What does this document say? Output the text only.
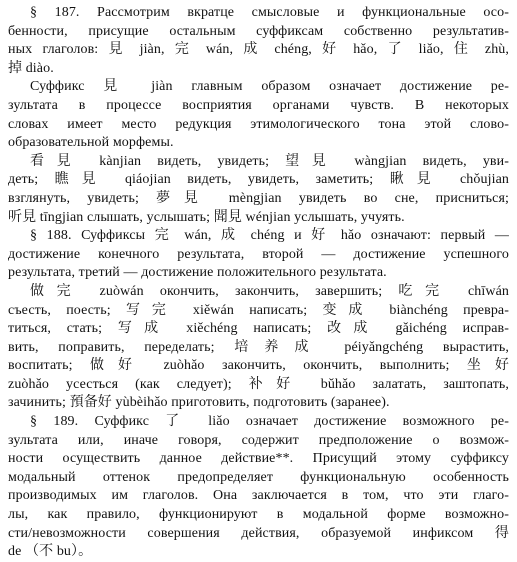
§ 187. Рассмотрим вкратце смысловые и функциональные осо-
бенности, присущие остальным суффиксам собственно результатив-
ных глаголов: 見 jiàn, 完 wán, 成 chéng, 好 hǎo, 了 liǎo, 住 zhù,
掉 diào.
Суффикс 見 jiàn главным образом означает достижение ре-
зультата в процессе восприятия органами чувств. В некоторых
словах имеет место редукция этимологического тона этой слово-
образовательной морфемы.
看見 kànjian видеть, увидеть; 望見 wàngjian видеть, уви-
деть; 瞧見 qiáojian видеть, увидеть, заметить; 瞅見 chǒujian
взглянуть, увидеть; 夢見 mèngjian увидеть во сне, присниться;
听見 tīngjian слышать, услышать; 聞見 wénjian услышать, учуять.
§ 188. Суффиксы 完 wán, 成 chéng и 好 hǎo означают: первый —
достижение конечного результата, второй — достижение успешного
результата, третий — достижение положительного результата.
做完 zuòwán окончить, закончить, завершить; 吃完 chīwán
съесть, поесть; 写完 xiěwán написать; 变成 biànchéng преврa-
титься, стать; 写成 xiěchéng написать; 改成 gǎichéng исправ-
вить, поправить, переделать; 培养成 péiyǎngchéng вырастить,
воспитать; 做好 zuòhǎo закончить, окончить, выполнить; 坐好
zuòhǎo усесться (как следует); 补好 bǔhǎo залатать, заштопать,
зачинить; 預备好 yùbèihǎo приготовить, подготовить (заранее).
§ 189. Суффикс 了 liǎo означает достижение возможного ре-
зультата или, иначе говоря, содержит предположение о возмож-
ности осуществить данное действие**. Присущий этому суффиксу
модальный оттенок предопределяет функциональную особенность
производимых им глаголов. Она заключается в том, что эти глаго-
лы, как правило, функционируют в модальной форме возможно-
сти/невозможности совершения действия, образуемой инфиксом 得
de （不 bu）。
